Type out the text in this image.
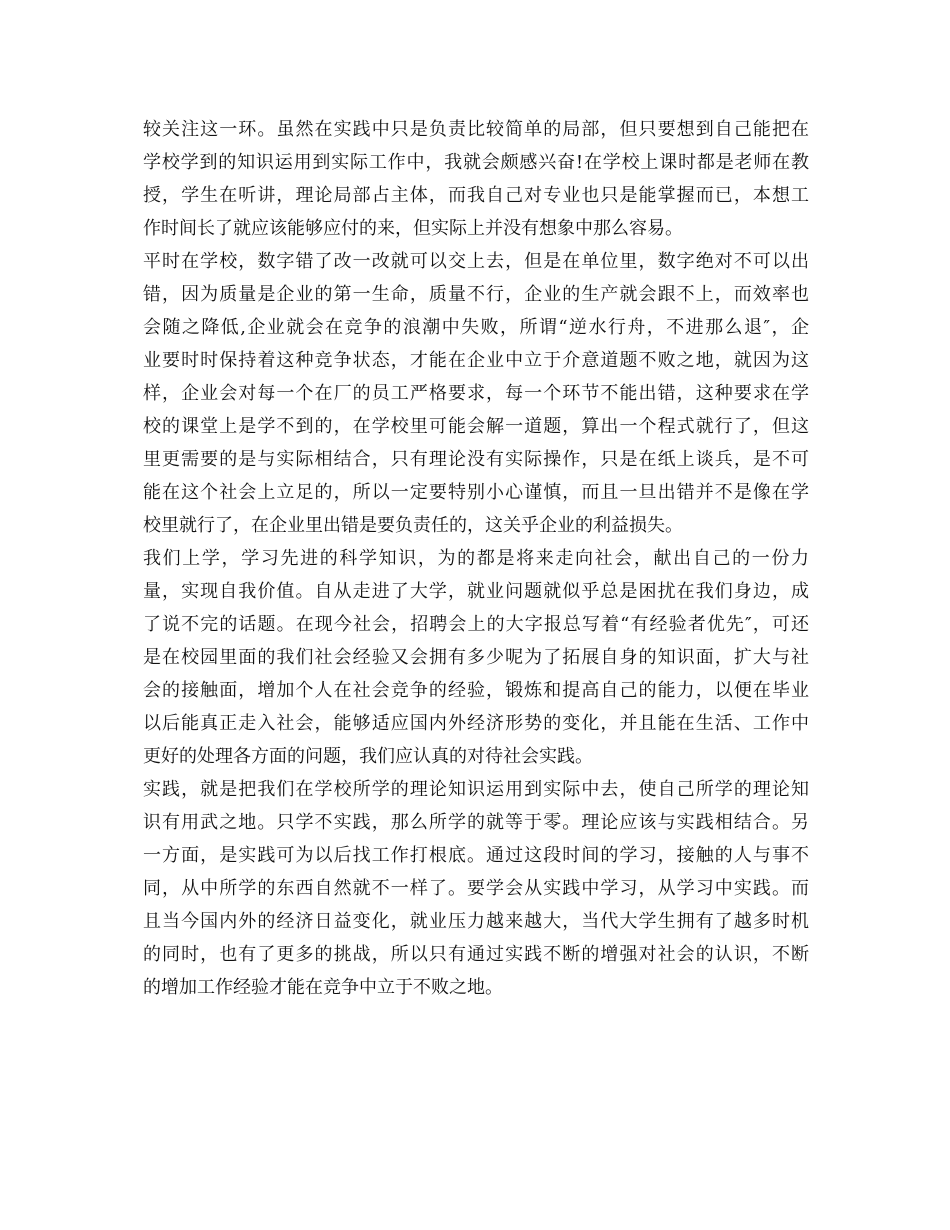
较关注这一环。虽然在实践中只是负责比较简单的局部，但只要想到自己能把在
学校学到的知识运用到实际工作中，我就会颇感兴奋!在学校上课时都是老师在教
授，学生在听讲，理论局部占主体，而我自己对专业也只是能掌握而已，本想工
作时间长了就应该能够应付的来，但实际上并没有想象中那么容易。

平时在学校，数字错了改一改就可以交上去，但是在单位里，数字绝对不可以出
错，因为质量是企业的第一生命，质量不行，企业的生产就会跟不上，而效率也
会随之降低,企业就会在竞争的浪潮中失败，所谓“逆水行舟，不进那么退″，企
业要时时保持着这种竞争状态，才能在企业中立于介意道题不败之地，就因为这
样，企业会对每一个在厂的员工严格要求，每一个环节不能出错，这种要求在学
校的课堂上是学不到的，在学校里可能会解一道题，算出一个程式就行了，但这
里更需要的是与实际相结合，只有理论没有实际操作，只是在纸上谈兵，是不可
能在这个社会上立足的，所以一定要特别小心谨慎，而且一旦出错并不是像在学
校里就行了，在企业里出错是要负责任的，这关乎企业的利益损失。

我们上学，学习先进的科学知识，为的都是将来走向社会，献出自己的一份力
量，实现自我价值。自从走进了大学，就业问题就似乎总是困扰在我们身边，成
了说不完的话题。在现今社会，招聘会上的大字报总写着“有经验者优先″，可还
是在校园里面的我们社会经验又会拥有多少呢为了拓展自身的知识面，扩大与社
会的接触面，增加个人在社会竞争的经验，锻炼和提高自己的能力，以便在毕业
以后能真正走入社会，能够适应国内外经济形势的变化，并且能在生活、工作中
更好的处理各方面的问题，我们应认真的对待社会实践。

实践，就是把我们在学校所学的理论知识运用到实际中去，使自己所学的理论知
识有用武之地。只学不实践，那么所学的就等于零。理论应该与实践相结合。另
一方面，是实践可为以后找工作打根底。通过这段时间的学习，接触的人与事不
同，从中所学的东西自然就不一样了。要学会从实践中学习，从学习中实践。而
且当今国内外的经济日益变化，就业压力越来越大，当代大学生拥有了越多时机
的同时，也有了更多的挑战，所以只有通过实践不断的增强对社会的认识，不断
的增加工作经验才能在竞争中立于不败之地。
